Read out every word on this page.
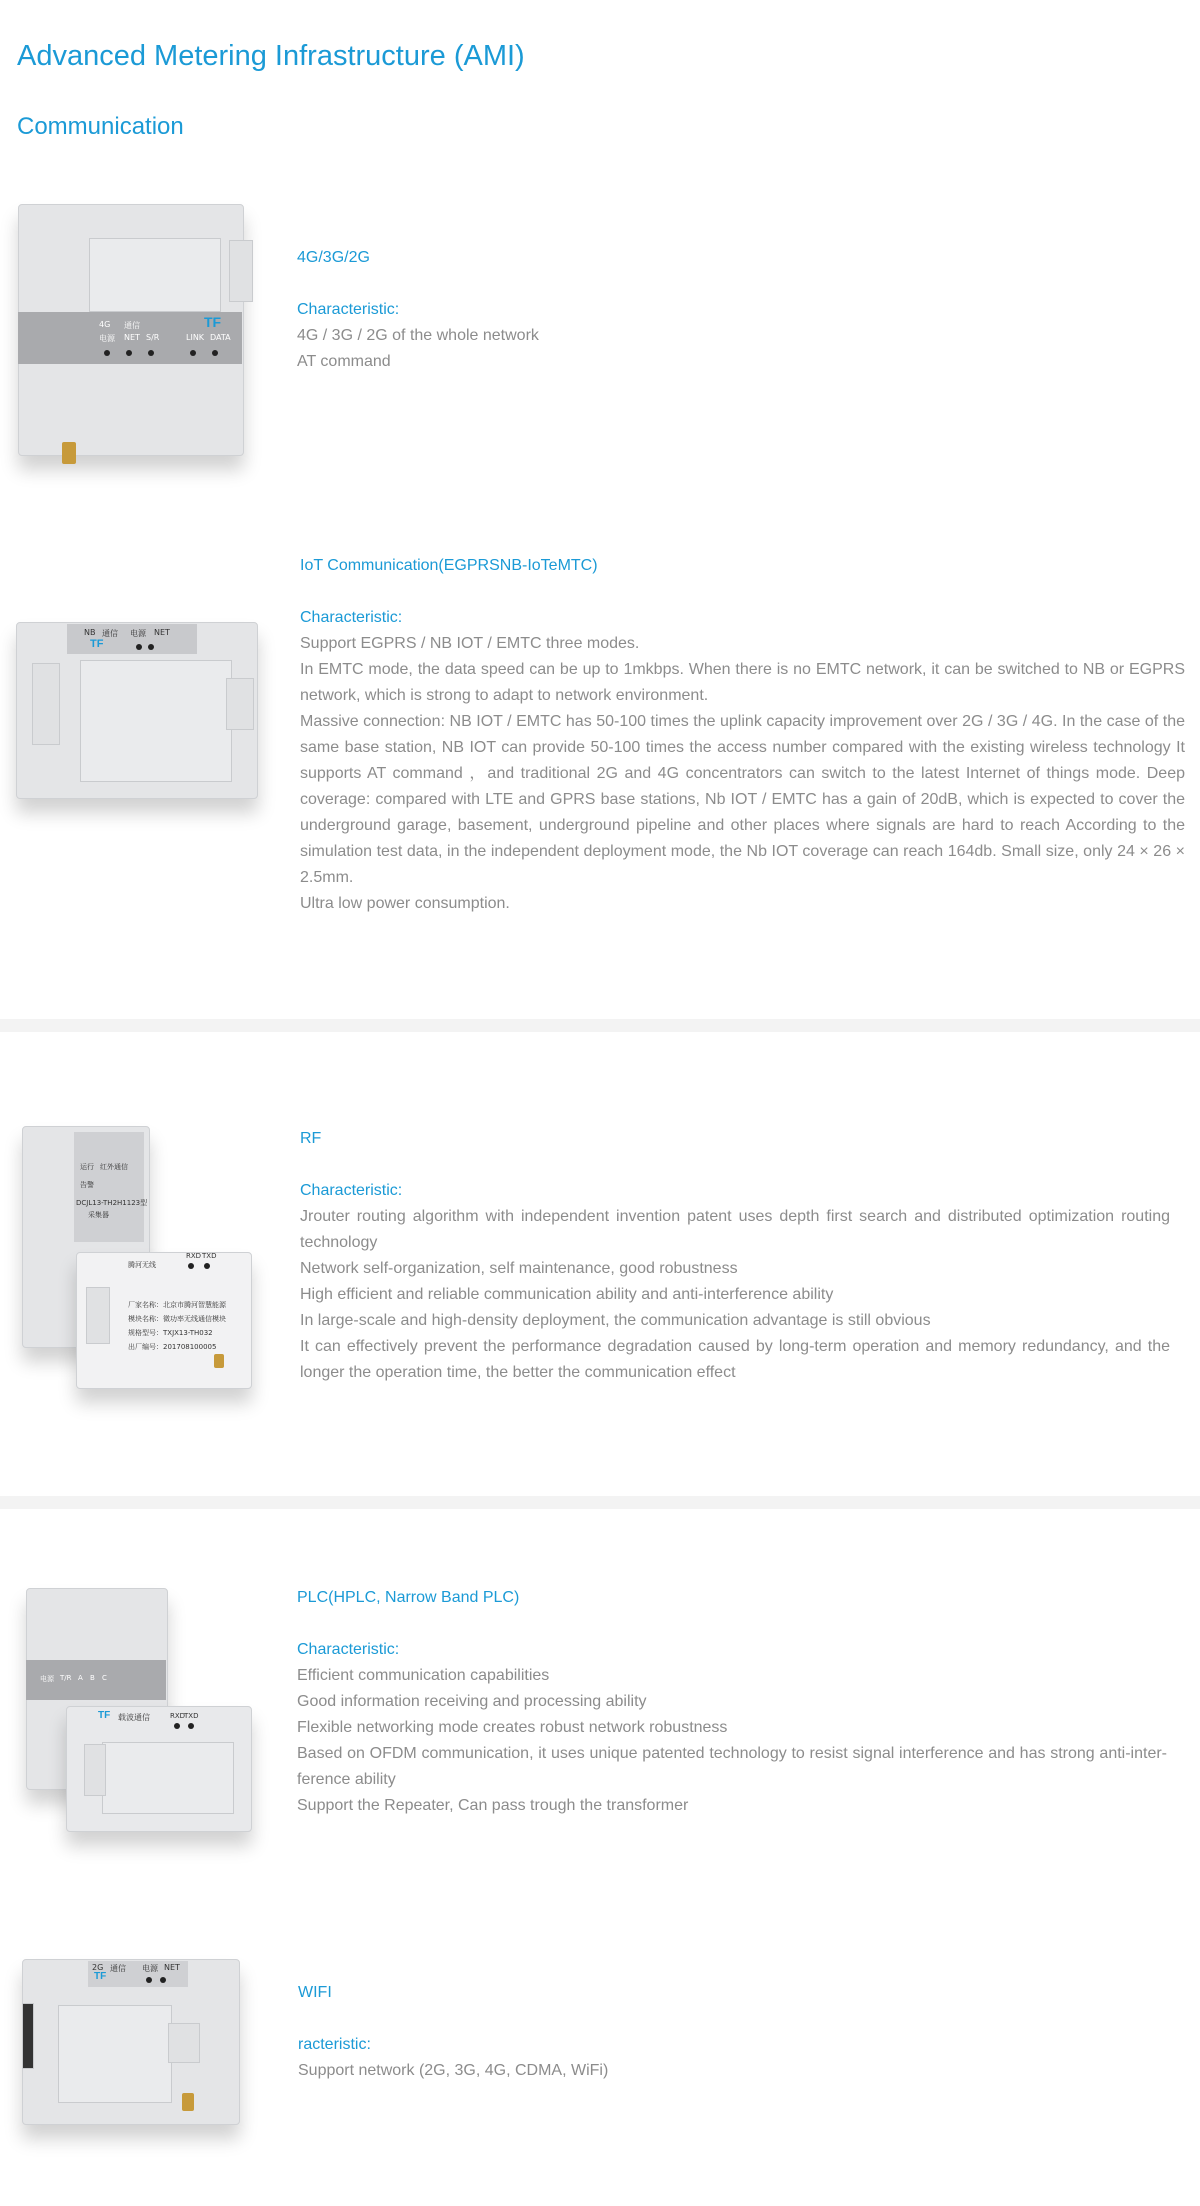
Advanced Metering Infrastructure (AMI)
Communication
4G 通信
电源 NET S/R	LINK DATA
TF
4G/3G/2G
Characteristic:
4G / 3G / 2G of the whole network
AT command
NB 通信 电源 NET
TF
IoT Communication(EGPRSNB-IoTeMTC)
Characteristic:
Support EGPRS / NB IOT / EMTC three modes.
In EMTC mode, the data speed can be up to 1mkbps. When there is no EMTC network, it can be switched to NB or EGPRS network, which is strong to adapt to network environment.
Massive connection: NB IOT / EMTC has 50-100 times the uplink capacity improvement over 2G / 3G / 4G. In the case of the same base station, NB IOT can provide 50-100 times the access number compared with the existing wireless technology It supports AT command ，and traditional 2G and 4G concentrators can switch to the latest Internet of things mode. Deep coverage: compared with LTE and GPRS base stations, Nb IOT / EMTC has a gain of 20dB, which is expected to cover the underground garage, basement, underground pipeline and other places where signals are hard to reach According to the simulation test data, in the independent deployment mode, the Nb IOT coverage can reach 164db. Small size, only 24 × 26 × 2.5mm.
Ultra low power consumption.
运行 红外通信
告警
DCJL13-TH2H1123型
采集器
腾河无线
RXD TXD
厂家名称：北京市腾河智慧能源
模块名称：微功率无线通信模块
规格型号：TXJX13-TH032
出厂编号：201708100005
RF
Characteristic:
Jrouter routing algorithm with independent invention patent uses depth first search and distributed optimization routing technology
Network self-organization, self maintenance, good robustness
High efficient and reliable communication ability and anti-interference ability
In large-scale and high-density deployment, the communication advantage is still obvious
It can effectively prevent the performance degradation caused by long-term operation and memory redundancy, and the longer the operation time, the better the communication effect
电源 T/R A B C
载波通信	RXD
TXD
TF
PLC(HPLC, Narrow Band PLC)
Characteristic:
Efficient communication capabilities
Good information receiving and processing ability
Flexible networking mode creates robust network robustness
Based on OFDM communication, it uses unique patented technology to resist signal interference and has strong anti-interference ability
Support the Repeater, Can pass trough the transformer
2G 通信 电源 NET
TF
WIFI
racteristic:
Support network (2G, 3G, 4G, CDMA, WiFi)
